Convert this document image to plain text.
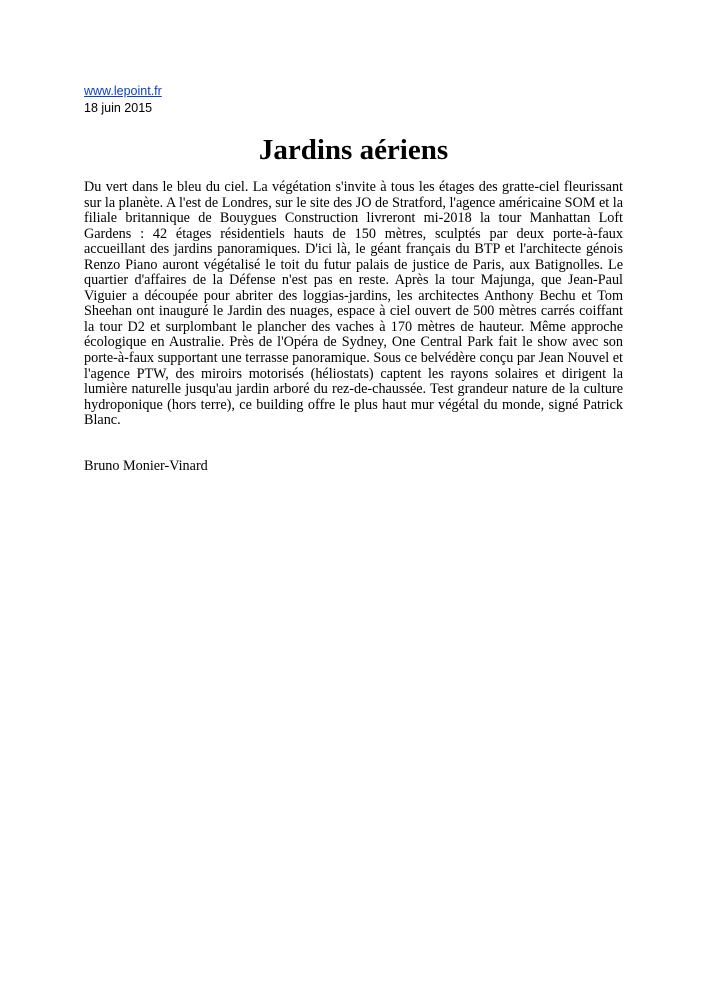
www.lepoint.fr
18 juin 2015
Jardins aériens

Du vert dans le bleu du ciel. La végétation s'invite à tous les étages des gratte-ciel fleurissant sur la planète. A l'est de Londres, sur le site des JO de Stratford, l'agence américaine SOM et la filiale britannique de Bouygues Construction livreront mi-2018 la tour Manhattan Loft Gardens : 42 étages résidentiels hauts de 150 mètres, sculptés par deux porte-à-faux accueillant des jardins panoramiques. D'ici là, le géant français du BTP et l'architecte génois Renzo Piano auront végétalisé le toit du futur palais de justice de Paris, aux Batignolles. Le quartier d'affaires de la Défense n'est pas en reste. Après la tour Majunga, que Jean-Paul Viguier a découpée pour abriter des loggias-jardins, les architectes Anthony Bechu et Tom Sheehan ont inauguré le Jardin des nuages, espace à ciel ouvert de 500 mètres carrés coiffant la tour D2 et surplombant le plancher des vaches à 170 mètres de hauteur. Même approche écologique en Australie. Près de l'Opéra de Sydney, One Central Park fait le show avec son porte-à-faux supportant une terrasse panoramique. Sous ce belvédère conçu par Jean Nouvel et l'agence PTW, des miroirs motorisés (héliostats) captent les rayons solaires et dirigent la lumière naturelle jusqu'au jardin arboré du rez-de-chaussée. Test grandeur nature de la culture hydroponique (hors terre), ce building offre le plus haut mur végétal du monde, signé Patrick Blanc.

Bruno Monier-Vinard
